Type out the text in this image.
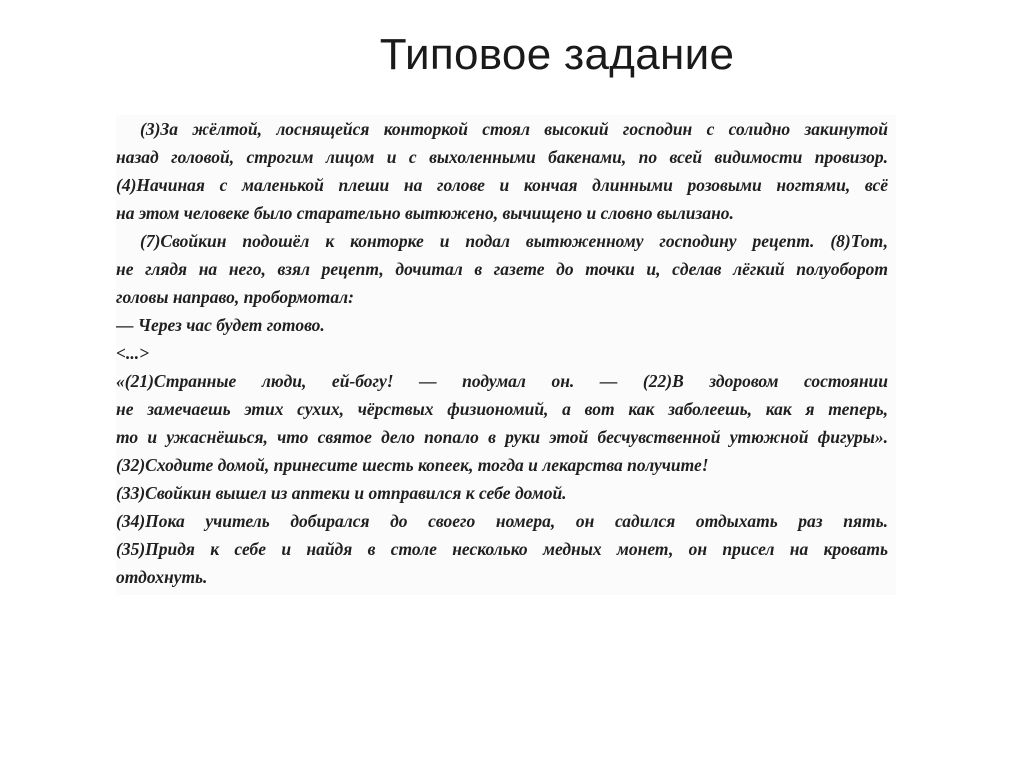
Типовое задание
(3)За жёлтой, лоснящейся конторкой стоял высокий господин с солидно закинутой
назад головой, строгим лицом и с выхоленными бакенами, по всей видимости провизор.
(4)Начиная с маленькой плеши на голове и кончая длинными розовыми ногтями, всё
на этом человеке было старательно вытюжено, вычищено и словно вылизано.
(7)Свойкин подошёл к конторке и подал вытюженному господину рецепт. (8)Тот,
не глядя на него, взял рецепт, дочитал в газете до точки и, сделав лёгкий полуоборот
головы направо, пробормотал:
— Через час будет готово.
<...>
«(21)Странные люди, ей-богу! — подумал он. — (22)В здоровом состоянии
не замечаешь этих сухих, чёрствых физиономий, а вот как заболеешь, как я теперь,
то и ужаснёшься, что святое дело попало в руки этой бесчувственной утюжной фигуры».
(32)Сходите домой, принесите шесть копеек, тогда и лекарства получите!
(33)Свойкин вышел из аптеки и отправился к себе домой.
(34)Пока учитель добирался до своего номера, он садился отдыхать раз пять.
(35)Придя к себе и найдя в столе несколько медных монет, он присел на кровать
отдохнуть.
